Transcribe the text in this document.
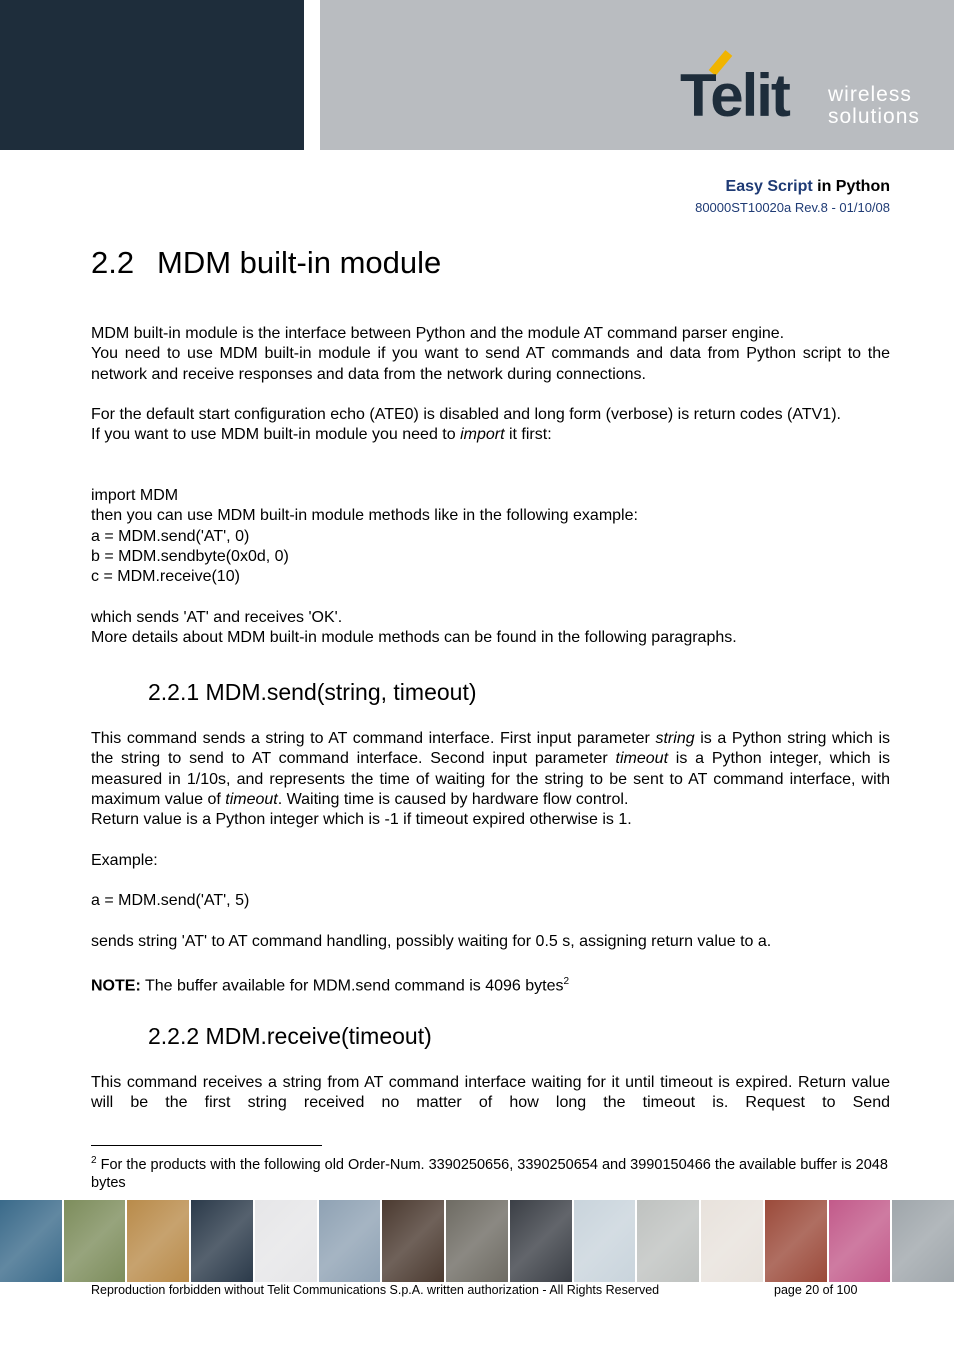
Telit wireless
solutions
Easy Script in Python
80000ST10020a Rev.8 - 01/10/08
2.2 MDM built-in module

MDM built-in module is the interface between Python and the module AT command parser engine.

You need to use MDM built-in module if you want to send AT commands and data from Python script to the network and receive responses and data from the network during connections.

For the default start configuration echo (ATE0) is disabled and long form (verbose) is return codes (ATV1).

If you want to use MDM built-in module you need to import it first:

import MDM

then you can use MDM built-in module methods like in the following example:

a = MDM.send('AT', 0)

b = MDM.sendbyte(0x0d, 0)

c = MDM.receive(10)

which sends 'AT' and receives 'OK'.

More details about MDM built-in module methods can be found in the following paragraphs.

2.2.1 MDM.send(string, timeout)

This command sends a string to AT command interface. First input parameter string is a Python string which is the string to send to AT command interface. Second input parameter timeout is a Python integer, which is measured in 1/10s, and represents the time of waiting for the string to be sent to AT command interface, with maximum value of timeout. Waiting time is caused by hardware flow control.

Return value is a Python integer which is -1 if timeout expired otherwise is 1.

Example:
a = MDM.send('AT', 5)
sends string 'AT' to AT command handling, possibly waiting for 0.5 s, assigning return value to a.
NOTE: The buffer available for MDM.send command is 4096 bytes$^2$
2.2.2 MDM.receive(timeout)
This command receives a string from AT command interface waiting for it until timeout is expired. Return value will be the first string received no matter of how long the timeout is. Request to Send
$^2$ For the products with the following old Order-Num. 3390250656, 3390250654 and 3990150466 the available buffer is 2048 bytes
Reproduction forbidden without Telit Communications S.p.A. written authorization - All Rights Reserved	page 20 of 100
